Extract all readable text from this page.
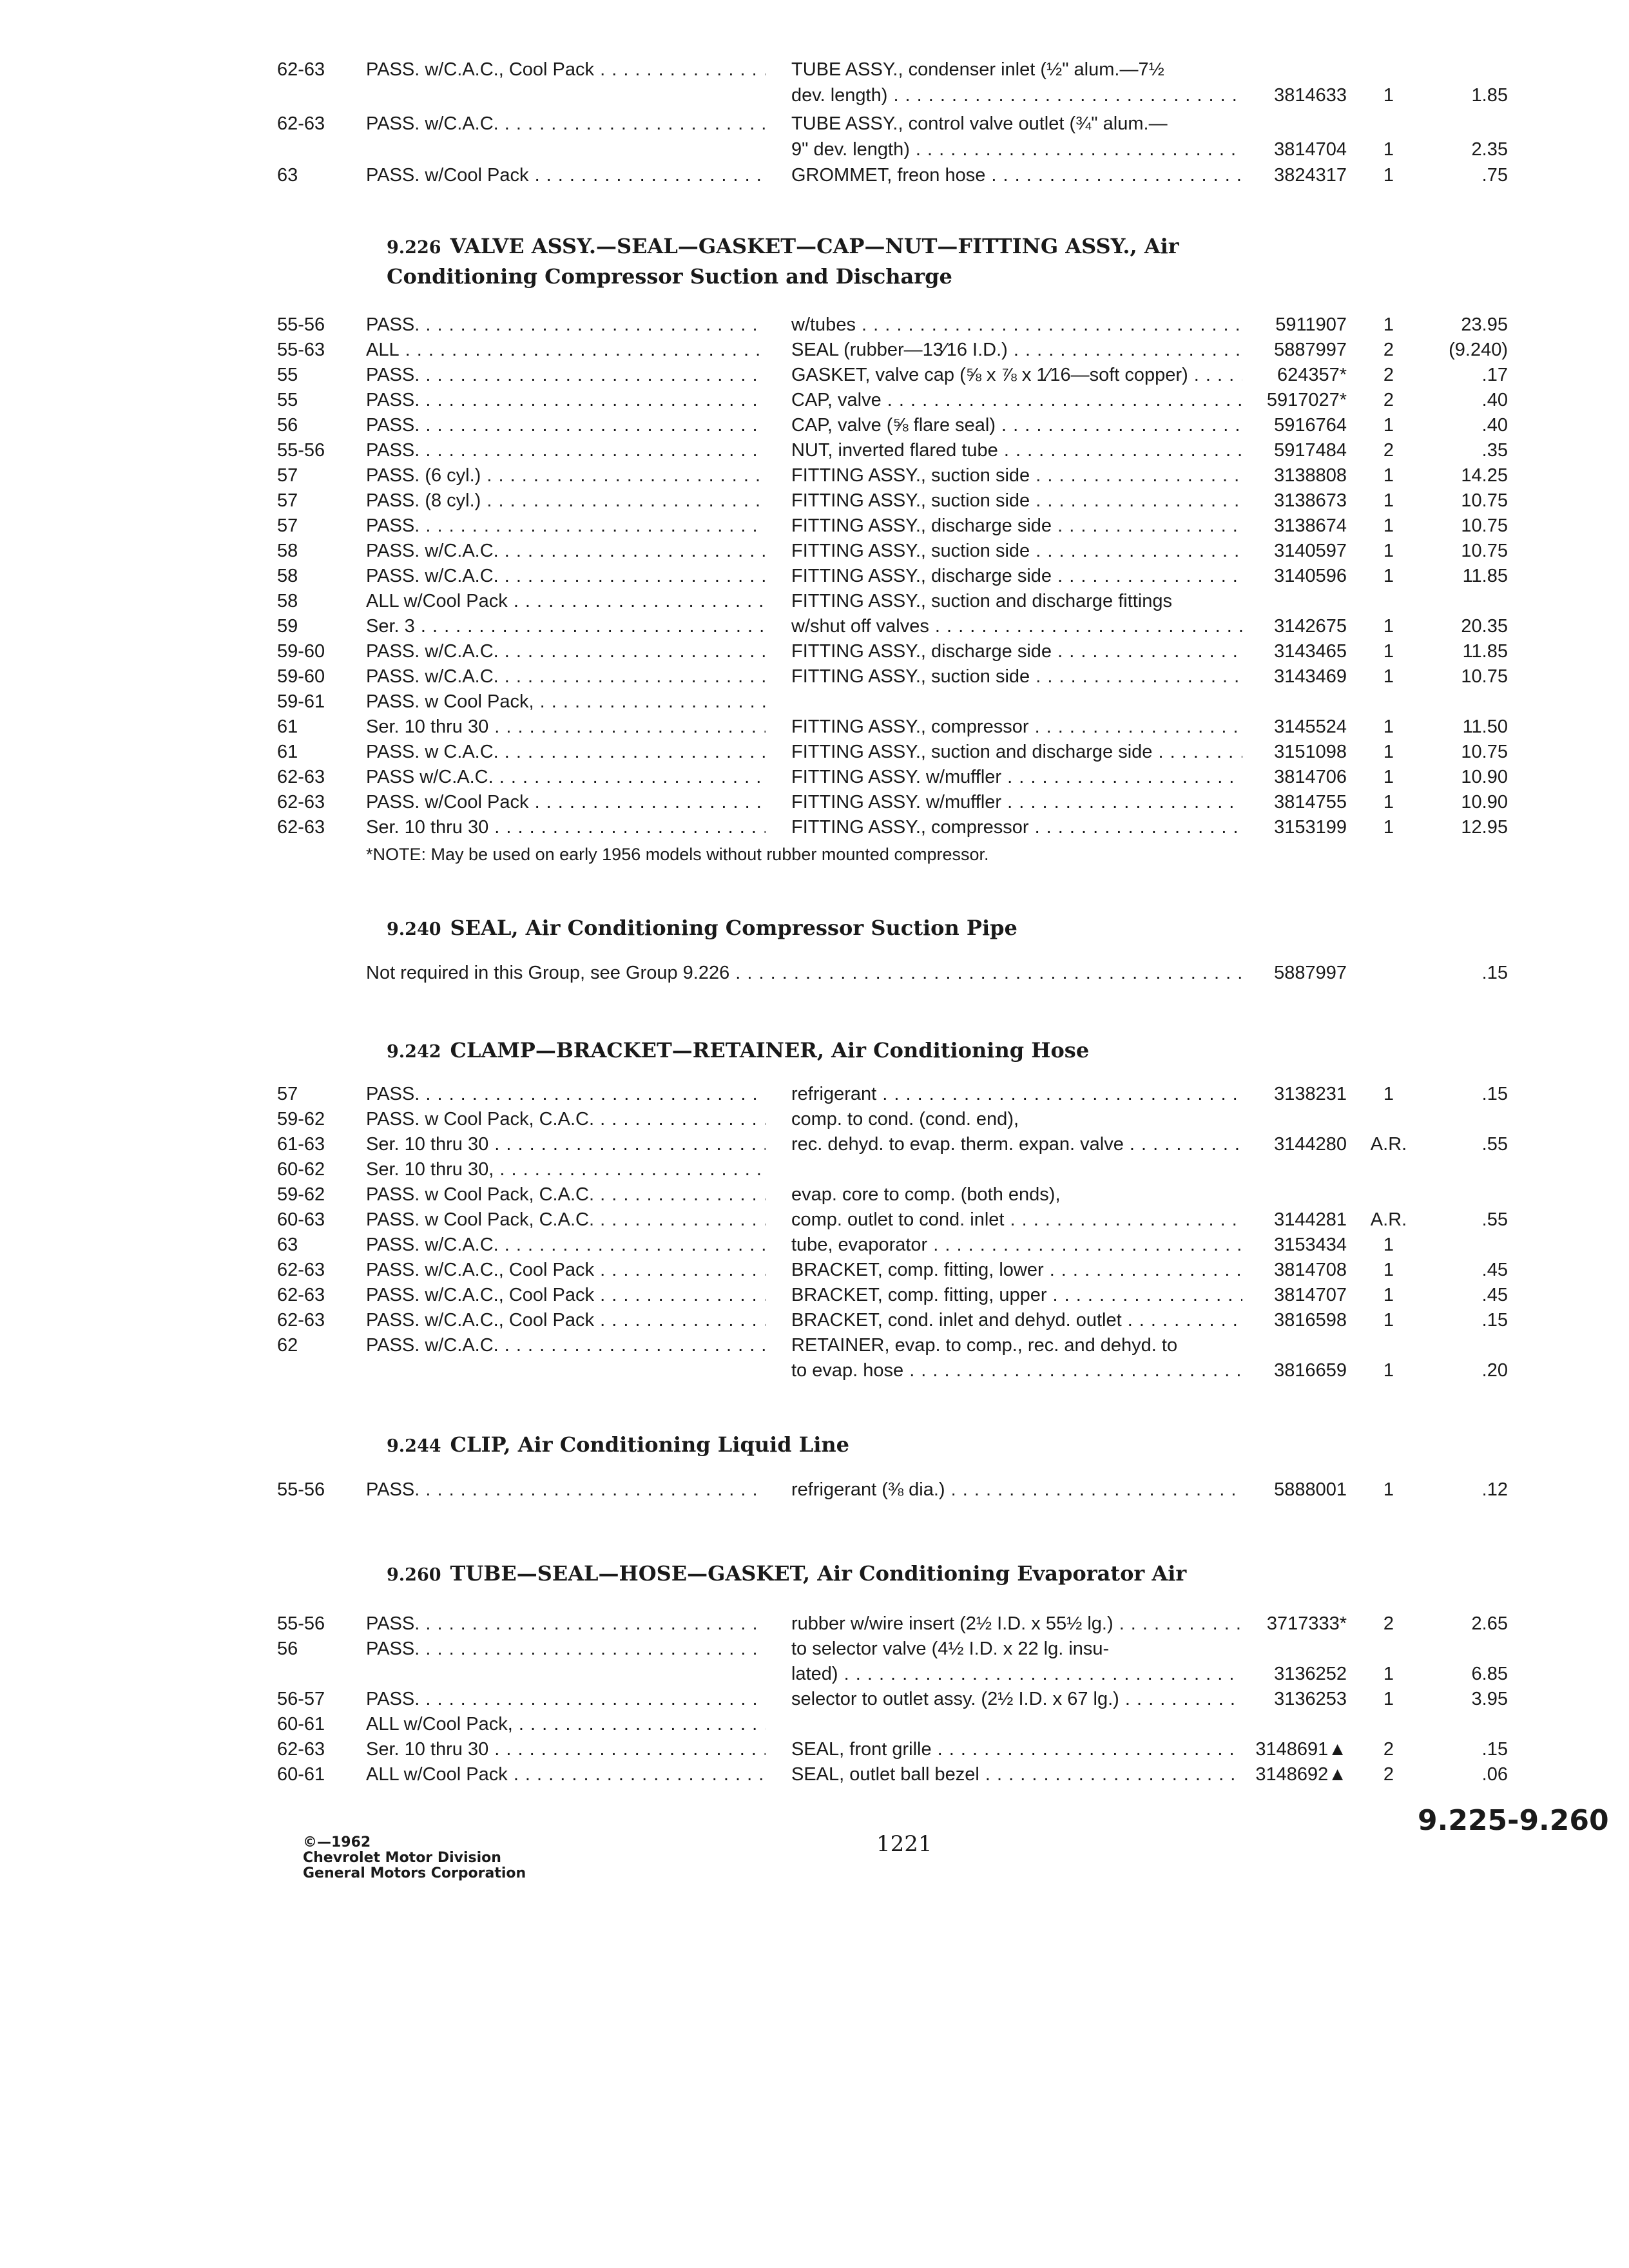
62-63 PASS. w/C.A.C., Cool Pack . . .	TUBE ASSY., condenser inlet (½" alum.—7½
dev. length) . . .	3814633	1	1.85
62-63 PASS. w/C.A.C. . . .	TUBE ASSY., control valve outlet (¾" alum.—
9" dev. length) . . .	3814704	1	2.35
63	PASS. w/Cool Pack . . .	GROMMET, freon hose . . .	3824317	1	.75
9.226 VALVE ASSY.—SEAL—GASKET—CAP—NUT—FITTING ASSY., Air
Conditioning Compressor Suction and Discharge
55-56 PASS. . . .	w/tubes . . .	5911907	1	23.95
55-63 ALL . . .	SEAL (rubber—13⁄16 I.D.) . . .	5887997	2	(9.240)
55	PASS. . . .	GASKET, valve cap (⅝ x ⅞ x 1⁄16—soft copper) . . .	624357*	2	.17
55	PASS. . . .	CAP, valve . . .	5917027*	2	.40
56	PASS. . . .	CAP, valve (⅝ flare seal) . . .	5916764	1	.40
55-56 PASS. . . .	NUT, inverted flared tube . . .	5917484	2	.35
57	PASS. (6 cyl.) . . .	FITTING ASSY., suction side . . .	3138808	1	14.25
57	PASS. (8 cyl.) . . .	FITTING ASSY., suction side . . .	3138673	1	10.75
57	PASS. . . .	FITTING ASSY., discharge side . . .	3138674	1	10.75
58	PASS. w/C.A.C. . . .	FITTING ASSY., suction side . . .	3140597	1	10.75
58	PASS. w/C.A.C. . . .	FITTING ASSY., discharge side . . .	3140596	1	11.85
58	ALL w/Cool Pack . . .	FITTING ASSY., suction and discharge fittings
59	Ser. 3 . . .	w/shut off valves . . .	3142675	1	20.35
59-60 PASS. w/C.A.C. . . .	FITTING ASSY., discharge side . . .	3143465	1	11.85
59-60 PASS. w/C.A.C. . . .	FITTING ASSY., suction side . . .	3143469	1	10.75
59-61 PASS. w Cool Pack, . . .
61	Ser. 10 thru 30 . . .	FITTING ASSY., compressor . . .	3145524	1	11.50
61	PASS. w C.A.C. . . .	FITTING ASSY., suction and discharge side . . .	3151098	1	10.75
62-63 PASS w/C.A.C. . . .	FITTING ASSY. w/muffler . . .	3814706	1	10.90
62-63 PASS. w/Cool Pack . . .	FITTING ASSY. w/muffler . . .	3814755	1	10.90
62-63 Ser. 10 thru 30 . . .	FITTING ASSY., compressor . . .	3153199	1	12.95
*NOTE: May be used on early 1956 models without rubber mounted compressor.
9.240 SEAL, Air Conditioning Compressor Suction Pipe
Not required in this Group, see Group 9.226 . . .	5887997	.15
9.242 CLAMP—BRACKET—RETAINER, Air Conditioning Hose
57	PASS. . . .	refrigerant . . .	3138231	1	.15
59-62 PASS. w Cool Pack, C.A.C. . . .	comp. to cond. (cond. end),
61-63 Ser. 10 thru 30 . . .	rec. dehyd. to evap. therm. expan. valve . . .	3144280	A.R.	.55
60-62 Ser. 10 thru 30, . . .
59-62 PASS. w Cool Pack, C.A.C. . . .	evap. core to comp. (both ends),
60-63 PASS. w Cool Pack, C.A.C. . . .	comp. outlet to cond. inlet . . .	3144281	A.R.	.55
63	PASS. w/C.A.C. . . .	tube, evaporator . . .	3153434	1
62-63 PASS. w/C.A.C., Cool Pack . . .	BRACKET, comp. fitting, lower . . .	3814708	1	.45
62-63 PASS. w/C.A.C., Cool Pack . . .	BRACKET, comp. fitting, upper . . .	3814707	1	.45
62-63 PASS. w/C.A.C., Cool Pack . . .	BRACKET, cond. inlet and dehyd. outlet . . .	3816598	1	.15
62	PASS. w/C.A.C. . . .	RETAINER, evap. to comp., rec. and dehyd. to
to evap. hose . . .	3816659	1	.20
9.244 CLIP, Air Conditioning Liquid Line
55-56 PASS. . . .	refrigerant (⅜ dia.) . . .	5888001	1	.12
9.260 TUBE—SEAL—HOSE—GASKET, Air Conditioning Evaporator Air
55-56 PASS. . . .	rubber w/wire insert (2½ I.D. x 55½ lg.) . . .	3717333*	2	2.65
56	PASS. . . .	to selector valve (4½ I.D. x 22 lg. insu-
lated) . . .	3136252	1	6.85
56-57 PASS. . . .	selector to outlet assy. (2½ I.D. x 67 lg.) . . .	3136253	1	3.95
60-61 ALL w/Cool Pack, . . .
62-63 Ser. 10 thru 30 . . .	SEAL, front grille . . .	3148691▲	2	.15
60-61 ALL w/Cool Pack . . .	SEAL, outlet ball bezel . . .	3148692▲	2	.06
©—1962
Chevrolet Motor Division
General Motors Corporation
1221
9.225-9.260
